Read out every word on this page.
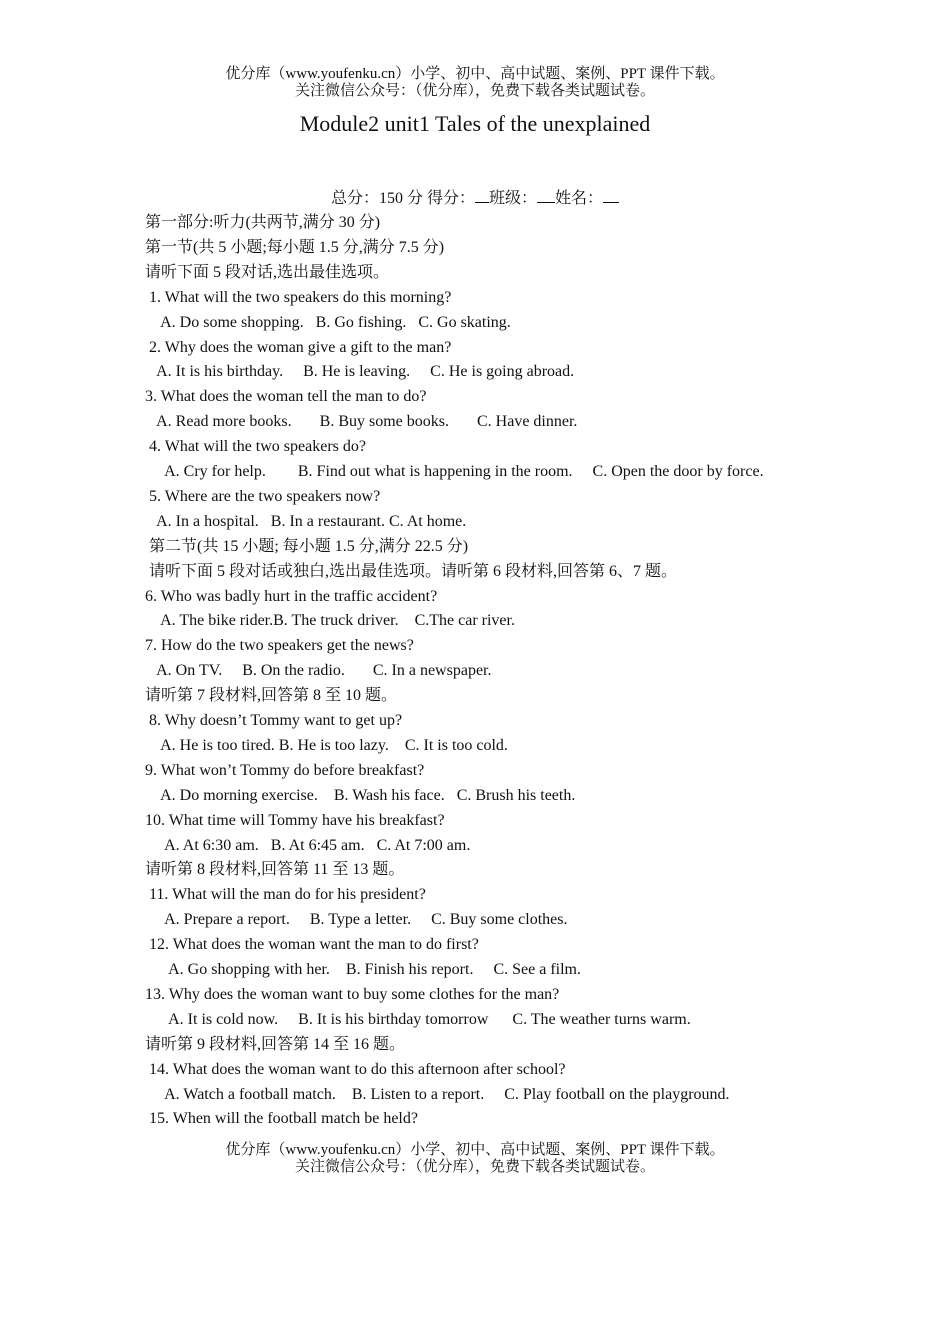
优分库（www.youfenku.cn）小学、初中、高中试题、案例、PPT 课件下载。
关注微信公众号：（优分库），免费下载各类试题试卷。
Module2 unit1 Tales of the unexplained
总分：150 分 得分： 班级： 姓名：
第一部分:听力(共两节,满分 30 分)
第一节(共 5 小题;每小题 1.5 分,满分 7.5 分)
请听下面 5 段对话,选出最佳选项。
1. What will the two speakers do this morning?
A. Do some shopping.   B. Go fishing.   C. Go skating.
2. Why does the woman give a gift to the man?
A. It is his birthday.     B. He is leaving.     C. He is going abroad.
3. What does the woman tell the man to do?
A. Read more books.       B. Buy some books.       C. Have dinner.
4. What will the two speakers do?
A. Cry for help.        B. Find out what is happening in the room.     C. Open the door by force.
5. Where are the two speakers now?
A. In a hospital.   B. In a restaurant. C. At home.
第二节(共 15 小题; 每小题 1.5 分,满分 22.5 分)
请听下面 5 段对话或独白,选出最佳选项。请听第 6 段材料,回答第 6、7 题。
6. Who was badly hurt in the traffic accident?
A. The bike rider.B. The truck driver.    C.The car river.
7. How do the two speakers get the news?
A. On TV.     B. On the radio.       C. In a newspaper.
请听第 7 段材料,回答第 8 至 10 题。
8. Why doesn’t Tommy want to get up?
A. He is too tired. B. He is too lazy.    C. It is too cold.
9. What won’t Tommy do before breakfast?
A. Do morning exercise.    B. Wash his face.   C. Brush his teeth.
10. What time will Tommy have his breakfast?
A. At 6:30 am.   B. At 6:45 am.   C. At 7:00 am.
请听第 8 段材料,回答第 11 至 13 题。
11. What will the man do for his president?
A. Prepare a report.     B. Type a letter.     C. Buy some clothes.
12. What does the woman want the man to do first?
A. Go shopping with her.    B. Finish his report.     C. See a film.
13. Why does the woman want to buy some clothes for the man?
A. It is cold now.     B. It is his birthday tomorrow      C. The weather turns warm.
请听第 9 段材料,回答第 14 至 16 题。
14. What does the woman want to do this afternoon after school?
A. Watch a football match.    B. Listen to a report.     C. Play football on the playground.
15. When will the football match be held?
优分库（www.youfenku.cn）小学、初中、高中试题、案例、PPT 课件下载。
关注微信公众号：（优分库），免费下载各类试题试卷。
